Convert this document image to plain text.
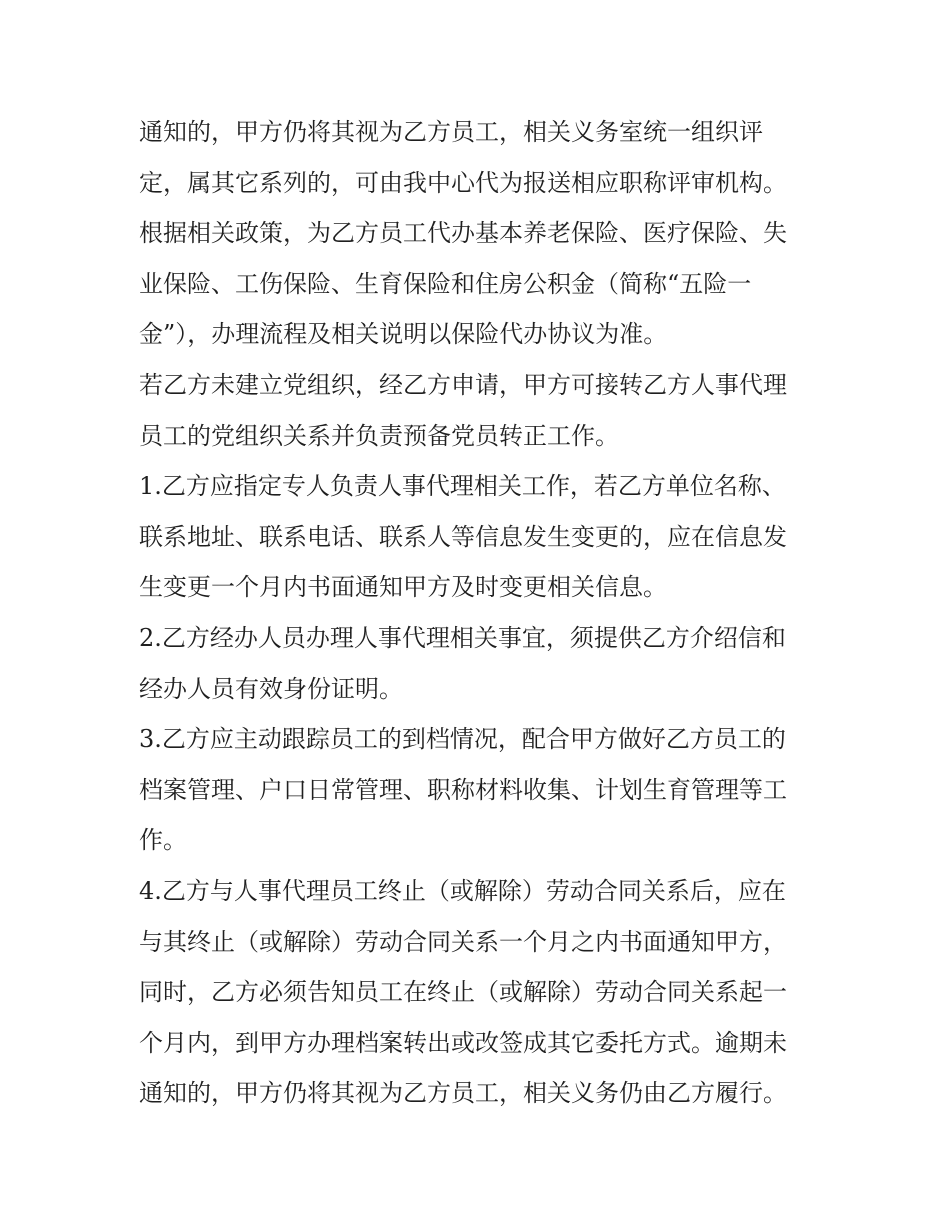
通知的，甲方仍将其视为乙方员工，相关义务室统一组织评
定，属其它系列的，可由我中心代为报送相应职称评审机构。
根据相关政策，为乙方员工代办基本养老保险、医疗保险、失
业保险、工伤保险、生育保险和住房公积金（简称“五险一
金”），办理流程及相关说明以保险代办协议为准。
若乙方未建立党组织，经乙方申请，甲方可接转乙方人事代理
员工的党组织关系并负责预备党员转正工作。
1.乙方应指定专人负责人事代理相关工作，若乙方单位名称、
联系地址、联系电话、联系人等信息发生变更的，应在信息发
生变更一个月内书面通知甲方及时变更相关信息。
2.乙方经办人员办理人事代理相关事宜，须提供乙方介绍信和
经办人员有效身份证明。
3.乙方应主动跟踪员工的到档情况，配合甲方做好乙方员工的
档案管理、户口日常管理、职称材料收集、计划生育管理等工
作。
4.乙方与人事代理员工终止（或解除）劳动合同关系后，应在
与其终止（或解除）劳动合同关系一个月之内书面通知甲方，
同时，乙方必须告知员工在终止（或解除）劳动合同关系起一
个月内，到甲方办理档案转出或改签成其它委托方式。逾期未
通知的，甲方仍将其视为乙方员工，相关义务仍由乙方履行。
